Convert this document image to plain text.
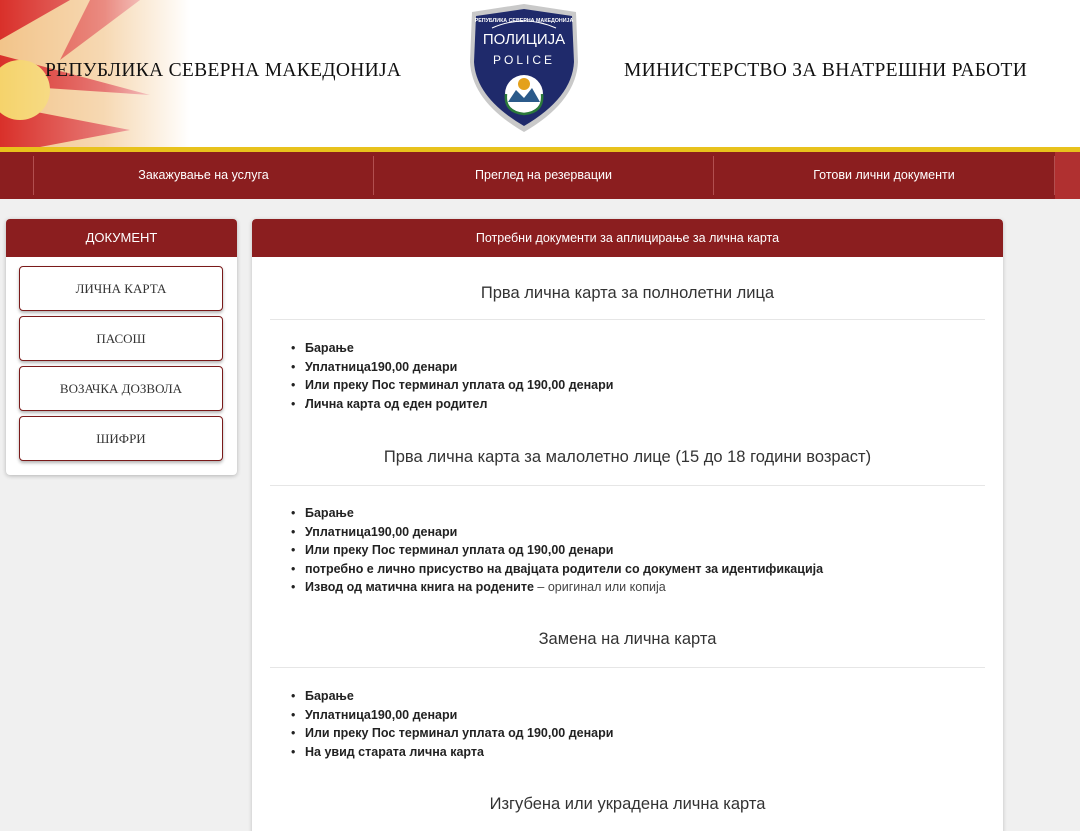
РЕПУБЛИКА СЕВЕРНА МАКЕДОНИЈА
РЕПУБЛИКА СЕВЕРНА МАКЕДОНИЈА
ПОЛИЦИЈА
POLICE	МИНИСТЕРСТВО ЗА ВНАТРЕШНИ РАБОТИ
Закажување на услуга	Преглед на резервации	Готови лични документи
ДОКУМЕНТ
ЛИЧНА КАРТА
ПАСОШ
ВОЗАЧКА ДОЗВОЛА
ШИФРИ
Потребни документи за аплицирање за лична карта
Прва лична карта за полнолетни лица
• Барање
• Уплатница190,00 денари
• Или преку Пос терминал уплата од 190,00 денари
• Лична карта од еден родител
Прва лична карта за малолетно лице (15 до 18 години возраст)
• Барање
• Уплатница190,00 денари
• Или преку Пос терминал уплата од 190,00 денари
• потребно е лично присуство на двајцата родители со документ за идентификација
• Извод од матична книга на родените – оригинал или копија
Замена на лична карта
• Барање
• Уплатница190,00 денари
• Или преку Пос терминал уплата од 190,00 денари
• На увид старата лична карта
Изгубена или украдена лична карта
